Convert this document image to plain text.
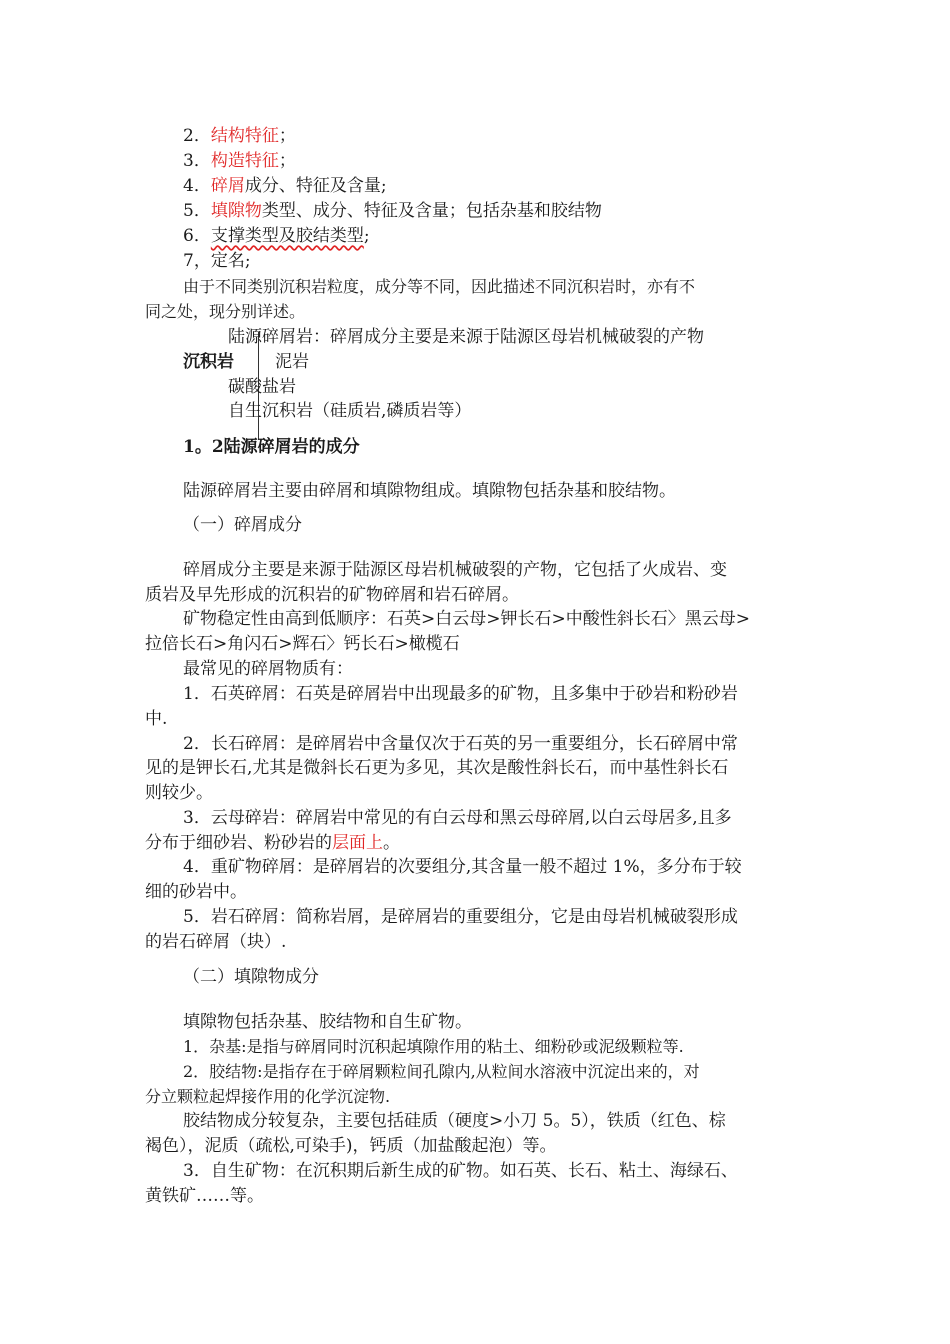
2．结构特征；
3．构造特征；
4．碎屑成分、特征及含量;
5．填隙物类型、成分、特征及含量；包括杂基和胶结物
6．支撑类型及胶结类型;
7，定名;
由于不同类别沉积岩粒度，成分等不同，因此描述不同沉积岩时，亦有不
同之处，现分别详述。
陆源碎屑岩：碎屑成分主要是来源于陆源区母岩机械破裂的产物
沉积岩 泥岩
碳酸盐岩
自生沉积岩（硅质岩,磷质岩等）
1。2陆源碎屑岩的成分
陆源碎屑岩主要由碎屑和填隙物组成。填隙物包括杂基和胶结物。
（一）碎屑成分
碎屑成分主要是来源于陆源区母岩机械破裂的产物，它包括了火成岩、变
质岩及早先形成的沉积岩的矿物碎屑和岩石碎屑。
矿物稳定性由高到低顺序：石英>白云母>钾长石>中酸性斜长石〉黑云母>
拉倍长石>角闪石>辉石〉钙长石>橄榄石
最常见的碎屑物质有：
1．石英碎屑：石英是碎屑岩中出现最多的矿物，且多集中于砂岩和粉砂岩
中.
2．长石碎屑：是碎屑岩中含量仅次于石英的另一重要组分，长石碎屑中常
见的是钾长石,尤其是微斜长石更为多见，其次是酸性斜长石，而中基性斜长石
则较少。
3．云母碎岩：碎屑岩中常见的有白云母和黑云母碎屑,以白云母居多,且多
分布于细砂岩、粉砂岩的层面上。
4．重矿物碎屑：是碎屑岩的次要组分,其含量一般不超过 1%，多分布于较
细的砂岩中。
5．岩石碎屑：简称岩屑，是碎屑岩的重要组分，它是由母岩机械破裂形成
的岩石碎屑（块）.
（二）填隙物成分
填隙物包括杂基、胶结物和自生矿物。
1．杂基:是指与碎屑同时沉积起填隙作用的粘土、细粉砂或泥级颗粒等.
2．胶结物:是指存在于碎屑颗粒间孔隙内,从粒间水溶液中沉淀出来的，对
分立颗粒起焊接作用的化学沉淀物.
胶结物成分较复杂，主要包括硅质（硬度>小刀 5。5），铁质（红色、棕
褐色），泥质（疏松,可染手)，钙质（加盐酸起泡）等。
3．自生矿物：在沉积期后新生成的矿物。如石英、长石、粘土、海绿石、
黄铁矿……等。
